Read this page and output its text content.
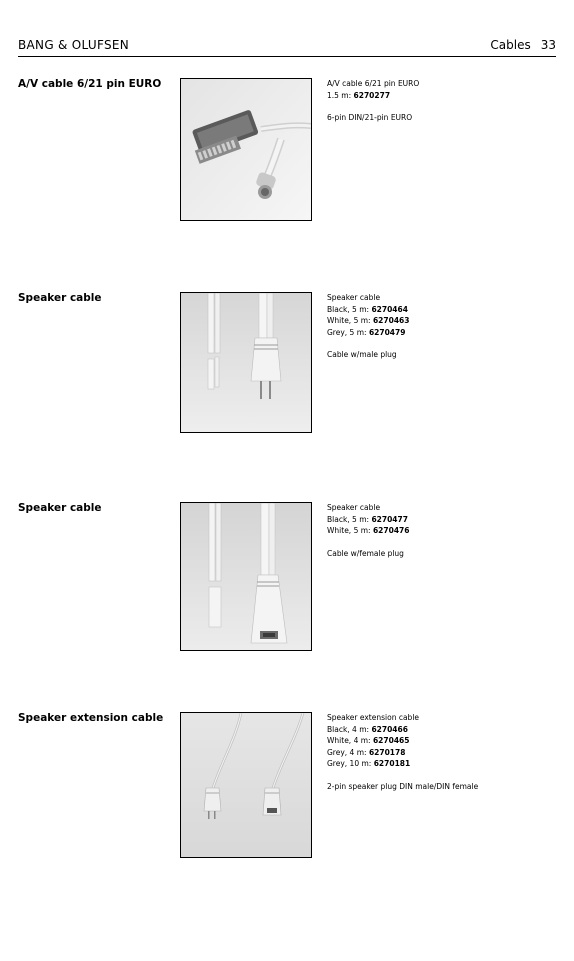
BANG & OLUFSEN	Cables 33
A/V cable 6/21 pin EURO	A/V cable 6/21 pin EURO
1.5 m: 6270277
6-pin DIN/21-pin EURO
Speaker cable	Speaker cable
Black, 5 m: 6270464
White, 5 m: 6270463
Grey, 5 m: 6270479
Cable w/male plug
Speaker cable	Speaker cable
Black, 5 m: 6270477
White, 5 m: 6270476
Cable w/female plug
Speaker extension cable	Speaker extension cable
Black, 4 m: 6270466
White, 4 m: 6270465
Grey, 4 m: 6270178
Grey, 10 m: 6270181
2-pin speaker plug DIN male/DIN female
